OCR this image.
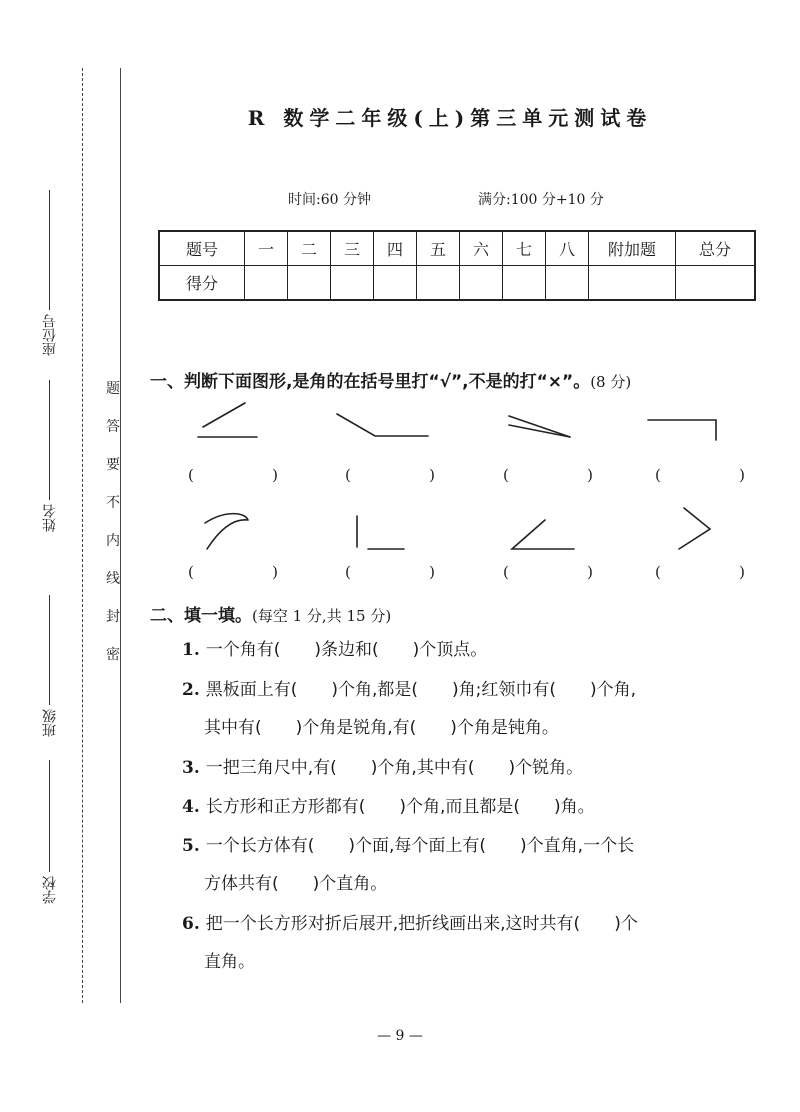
座位号
姓名
班级
学校
题
答
要
不
内
线
封
密
R 数学二年级(上)第三单元测试卷
时间:60 分钟	满分:100 分+10 分
题号	一	二	三	四	五	六	七	八	附加题	总分
得分										
一、判断下面图形,是角的在括号里打“√”,不是的打“×”。(8 分)
(	)	(	)	(	)	(	)
(	)	(	)	(	)	(	)
二、填一填。(每空 1 分,共 15 分)
1. 一个角有(　　)条边和(　　)个顶点。
2. 黑板面上有(　　)个角,都是(　　)角;红领巾有(　　)个角,
其中有(　　)个角是锐角,有(　　)个角是钝角。
3. 一把三角尺中,有(　　)个角,其中有(　　)个锐角。
4. 长方形和正方形都有(　　)个角,而且都是(　　)角。
5. 一个长方体有(　　)个面,每个面上有(　　)个直角,一个长
方体共有(　　)个直角。
6. 把一个长方形对折后展开,把折线画出来,这时共有(　　)个
直角。
— 9 —
